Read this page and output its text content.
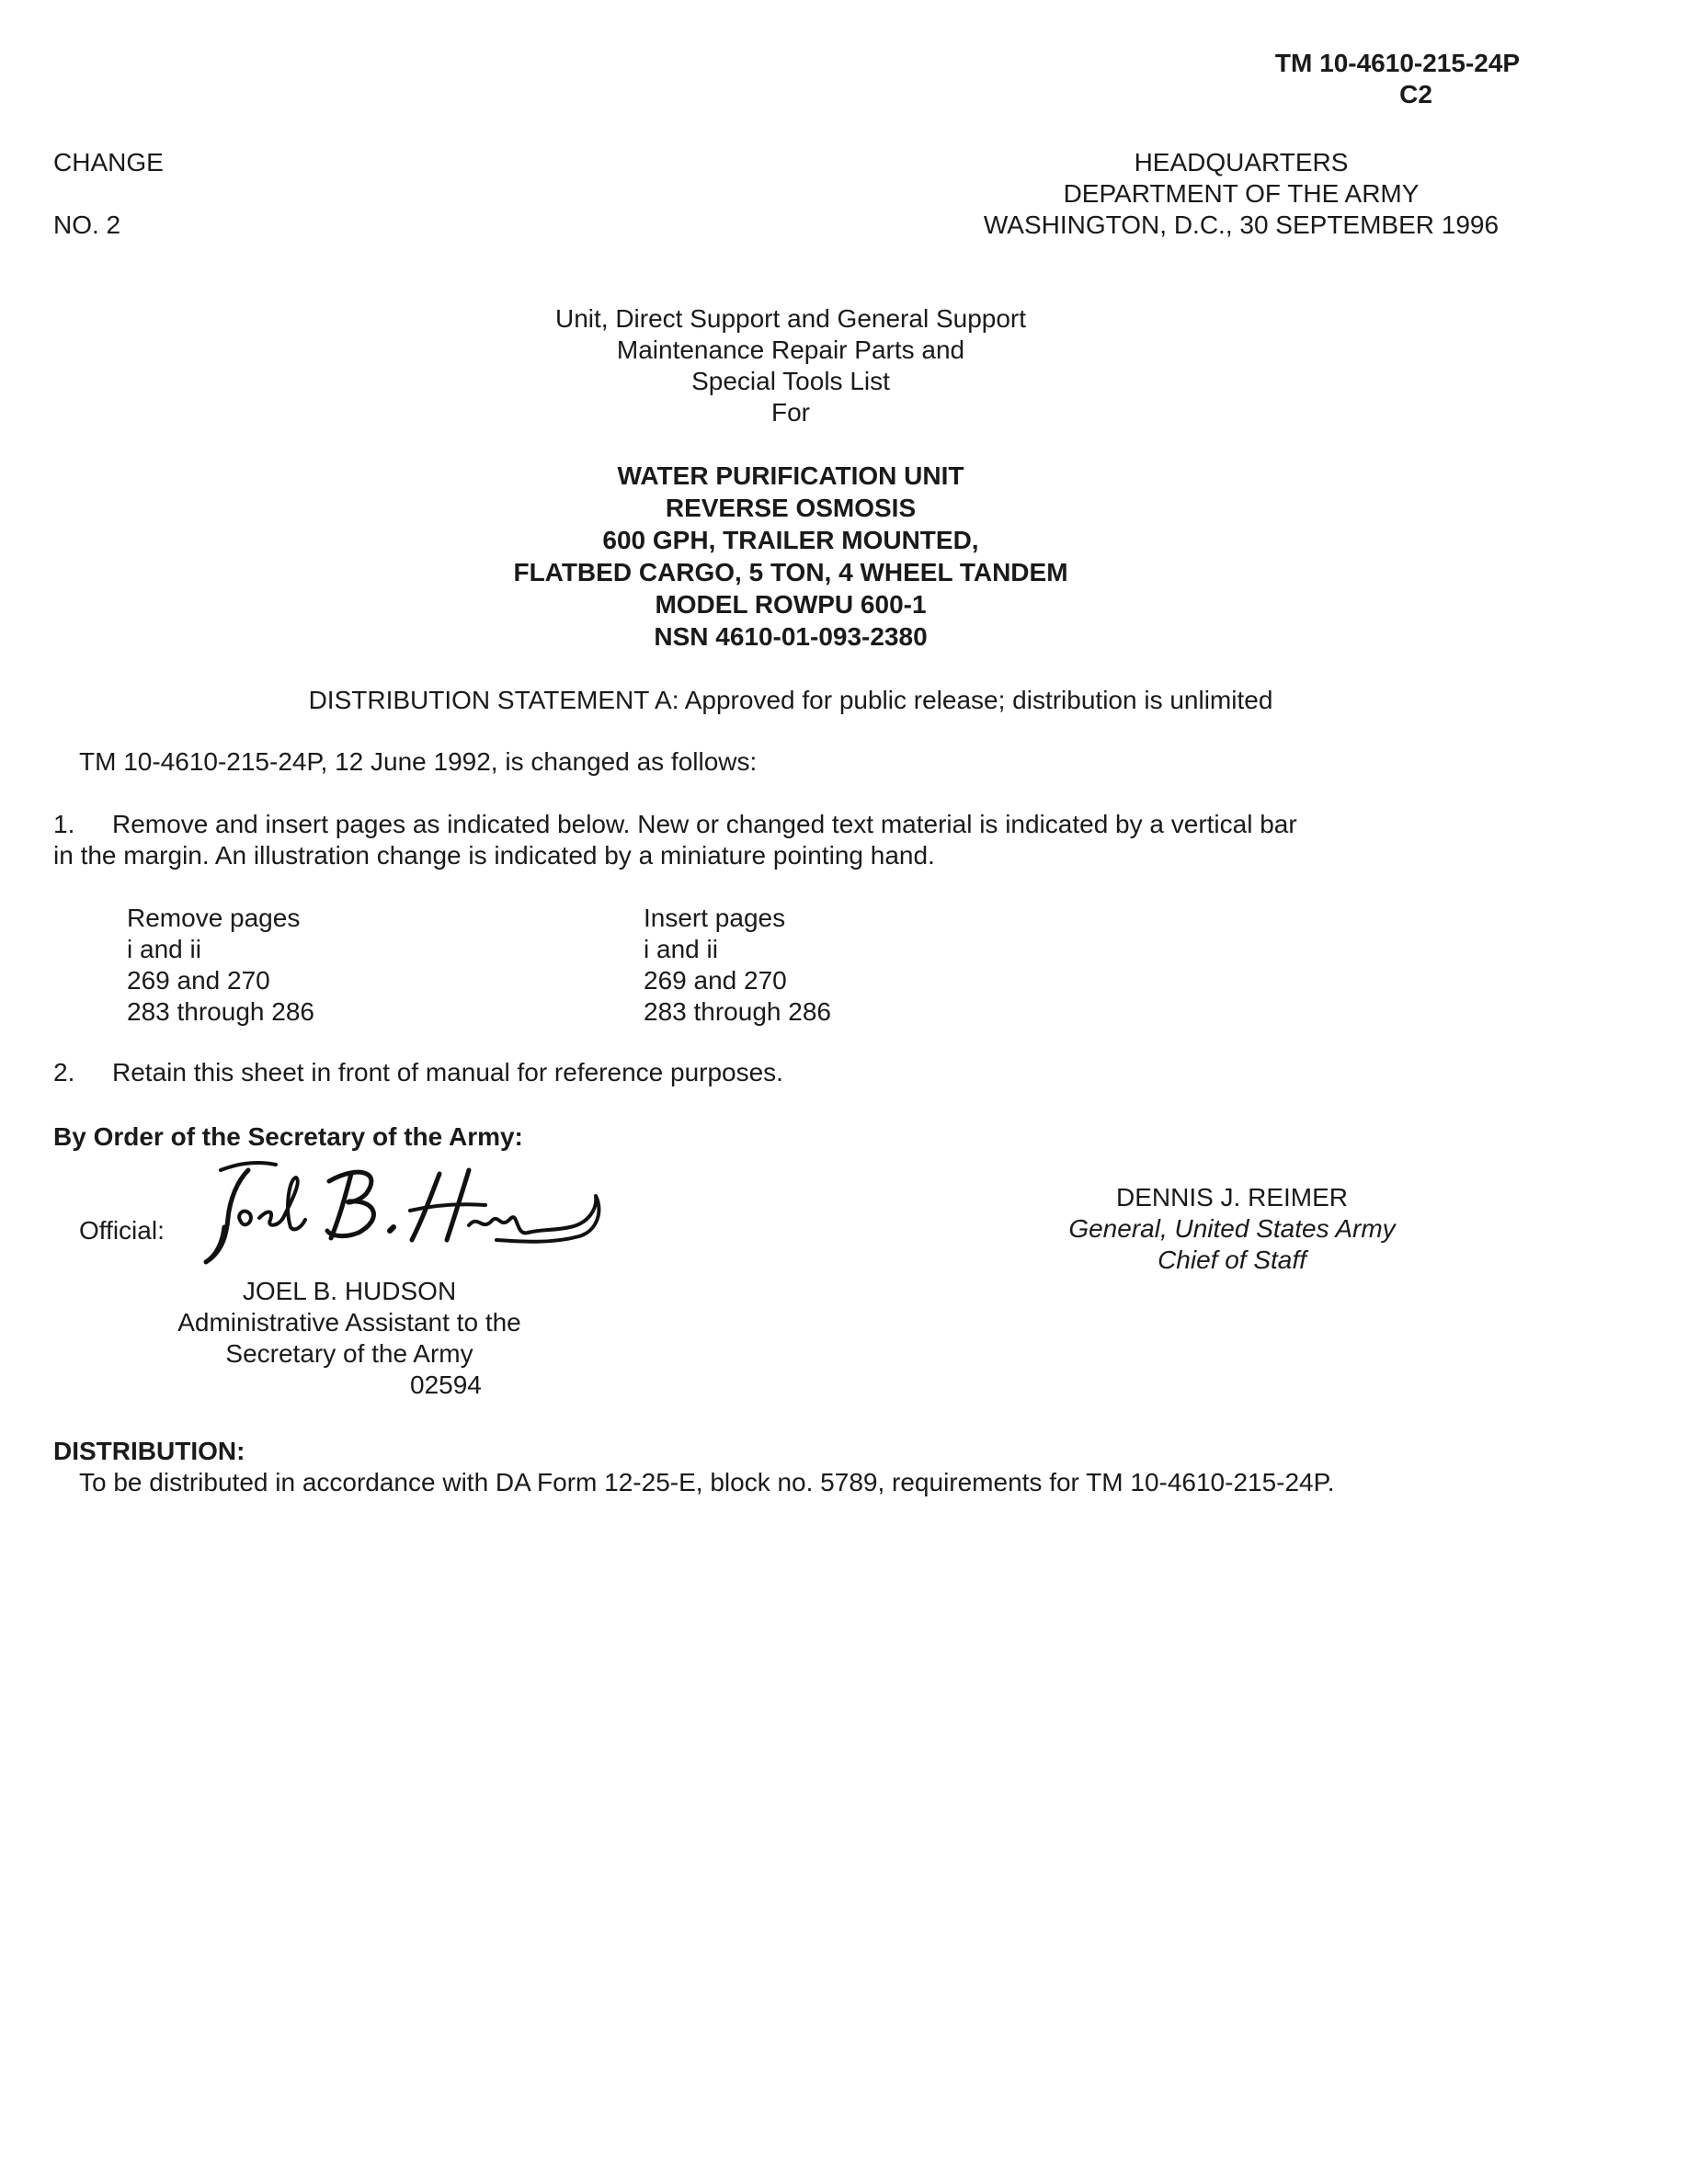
TM 10-4610-215-24P
C2
CHANGE
NO. 2
HEADQUARTERS
DEPARTMENT OF THE ARMY
WASHINGTON, D.C., 30 SEPTEMBER 1996
Unit, Direct Support and General Support
Maintenance Repair Parts and
Special Tools List
For
WATER PURIFICATION UNIT
REVERSE OSMOSIS
600 GPH, TRAILER MOUNTED,
FLATBED CARGO, 5 TON, 4 WHEEL TANDEM
MODEL ROWPU 600-1
NSN 4610-01-093-2380
DISTRIBUTION STATEMENT A: Approved for public release; distribution is unlimited
TM 10-4610-215-24P, 12 June 1992, is changed as follows:
1. Remove and insert pages as indicated below. New or changed text material is indicated by a vertical bar
in the margin. An illustration change is indicated by a miniature pointing hand.
Remove pages
i and ii
269 and 270
283 through 286
Insert pages
i and ii
269 and 270
283 through 286
2. Retain this sheet in front of manual for reference purposes.
By Order of the Secretary of the Army:
Official:
JOEL B. HUDSON
Administrative Assistant to the
Secretary of the Army
02594
DENNIS J. REIMER
General, United States Army
Chief of Staff
DISTRIBUTION:
To be distributed in accordance with DA Form 12-25-E, block no. 5789, requirements for TM 10-4610-215-24P.
